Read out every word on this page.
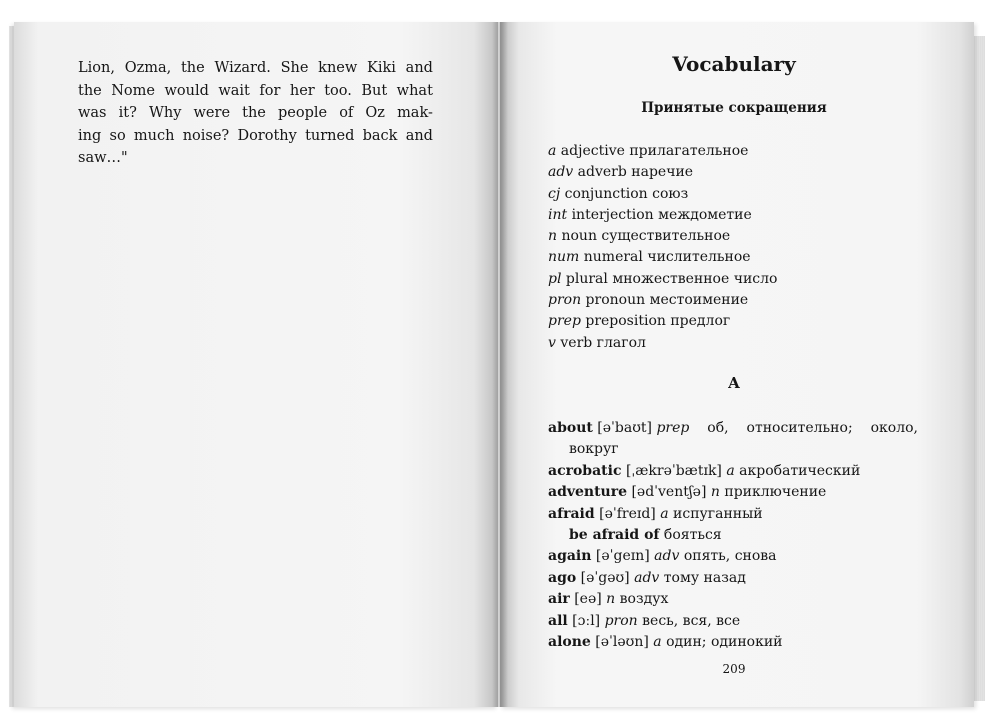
Lion, Ozma, the Wizard. She knew Kiki and
the Nome would wait for her too. But what
was it? Why were the people of Oz mak-
ing so much noise? Dorothy turned back and
saw…"
Vocabulary
Принятые сокращения
a adjective прилагательное
adv adverb наречие
cj conjunction союз
int interjection междометие
n noun существительное
num numeral числительное
pl plural множественное число
pron pronoun местоимение
prep preposition предлог
v verb глагол
A
about [əˈbaʊt] prep об, относительно; около,
вокруг
acrobatic [ˌækrəˈbætɪk] a акробатический
adventure [ədˈventʃə] n приключение
afraid [əˈfreɪd] a испуганный
be afraid of бояться
again [əˈgeɪn] adv опять, снова
ago [əˈgəʊ] adv тому назад
air [eə] n воздух
all [ɔːl] pron весь, вся, все
alone [əˈləʊn] a один; одинокий
209
